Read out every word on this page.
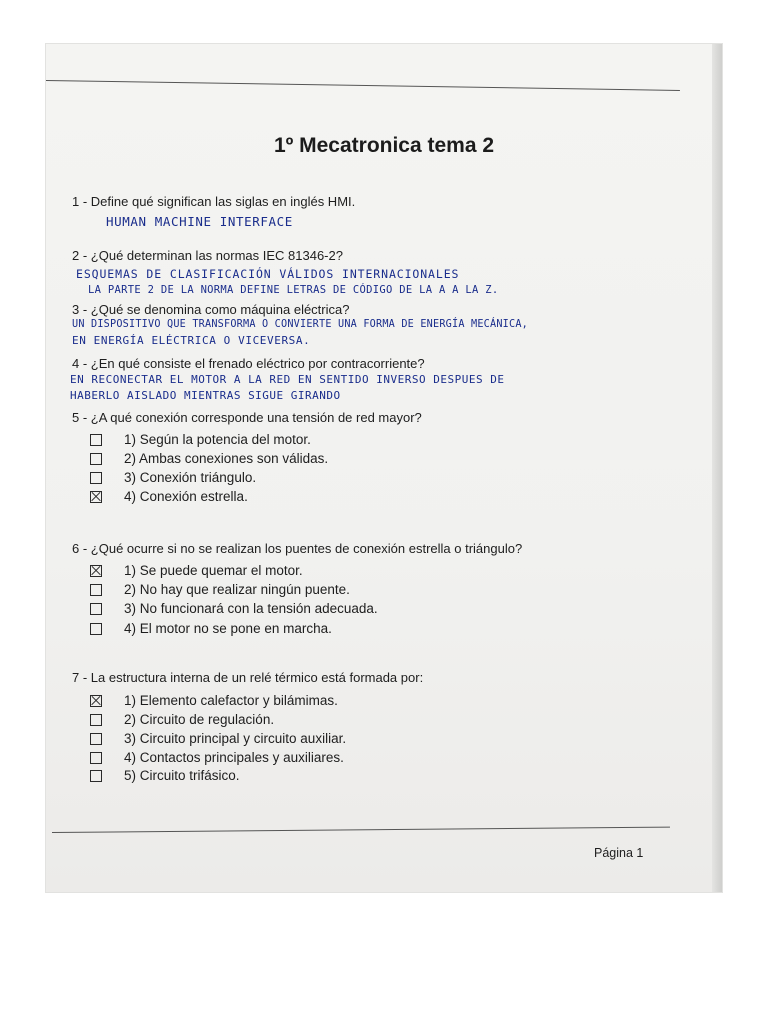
1º Mecatronica tema 2
1 - Define qué significan las siglas en inglés HMI.
HUMAN MACHINE INTERFACE
2 - ¿Qué determinan las normas IEC 81346-2?
ESQUEMAS DE CLASIFICACIÓN VÁLIDOS INTERNACIONALES
LA PARTE 2 DE LA NORMA DEFINE LETRAS DE CÓDIGO DE LA A A LA Z.
3 - ¿Qué se denomina como máquina eléctrica?
UN DISPOSITIVO QUE TRANSFORMA O CONVIERTE UNA FORMA DE ENERGÍA MECÁNICA,
EN ENERGÍA ELÉCTRICA O VICEVERSA.
4 - ¿En qué consiste el frenado eléctrico por contracorriente?
EN RECONECTAR EL MOTOR A LA RED EN SENTIDO INVERSO DESPUES DE
HABERLO AISLADO MIENTRAS SIGUE GIRANDO
5 - ¿A qué conexión corresponde una tensión de red mayor?
1) Según la potencia del motor.
2) Ambas conexiones son válidas.
3) Conexión triángulo.
4) Conexión estrella.
6 - ¿Qué ocurre si no se realizan los puentes de conexión estrella o triángulo?
1) Se puede quemar el motor.
2) No hay que realizar ningún puente.
3) No funcionará con la tensión adecuada.
4) El motor no se pone en marcha.
7 - La estructura interna de un relé térmico está formada por:
1) Elemento calefactor y bilámimas.
2) Circuito de regulación.
3) Circuito principal y circuito auxiliar.
4) Contactos principales y auxiliares.
5) Circuito trifásico.
Página 1
